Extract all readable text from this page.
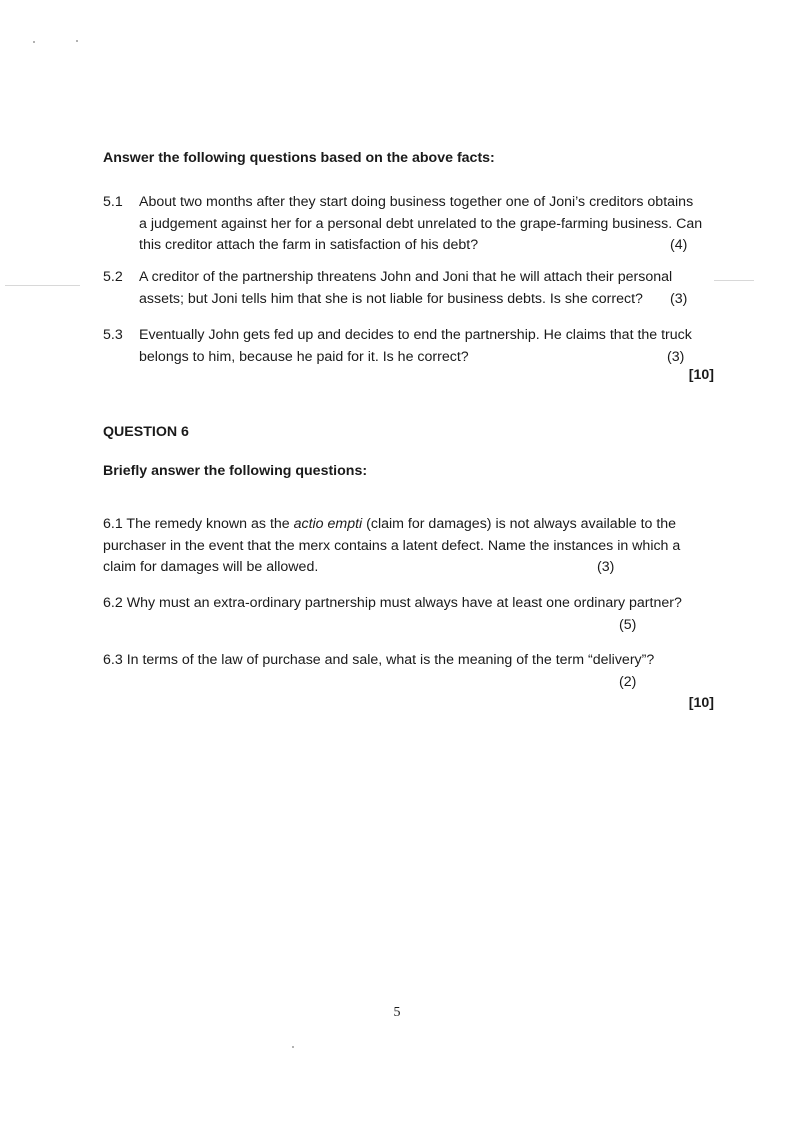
Answer the following questions based on the above facts:

5.1 About two months after they start doing business together one of Joni’s creditors obtains
a judgement against her for a personal debt unrelated to the grape-farming business. Can
this creditor attach the farm in satisfaction of his debt?	(4)
5.2 A creditor of the partnership threatens John and Joni that he will attach their personal
assets; but Joni tells him that she is not liable for business debts. Is she correct? (3)
5.3 Eventually John gets fed up and decides to end the partnership. He claims that the truck
belongs to him, because he paid for it. Is he correct?	(3)
[10]

QUESTION 6

Briefly answer the following questions:

6.1 The remedy known as the actio empti (claim for damages) is not always available to the
purchaser in the event that the merx contains a latent defect. Name the instances in which a
claim for damages will be allowed.	(3)
6.2 Why must an extra-ordinary partnership must always have at least one ordinary partner?
(5)
6.3 In terms of the law of purchase and sale, what is the meaning of the term “delivery”?
(2)
[10]
5
